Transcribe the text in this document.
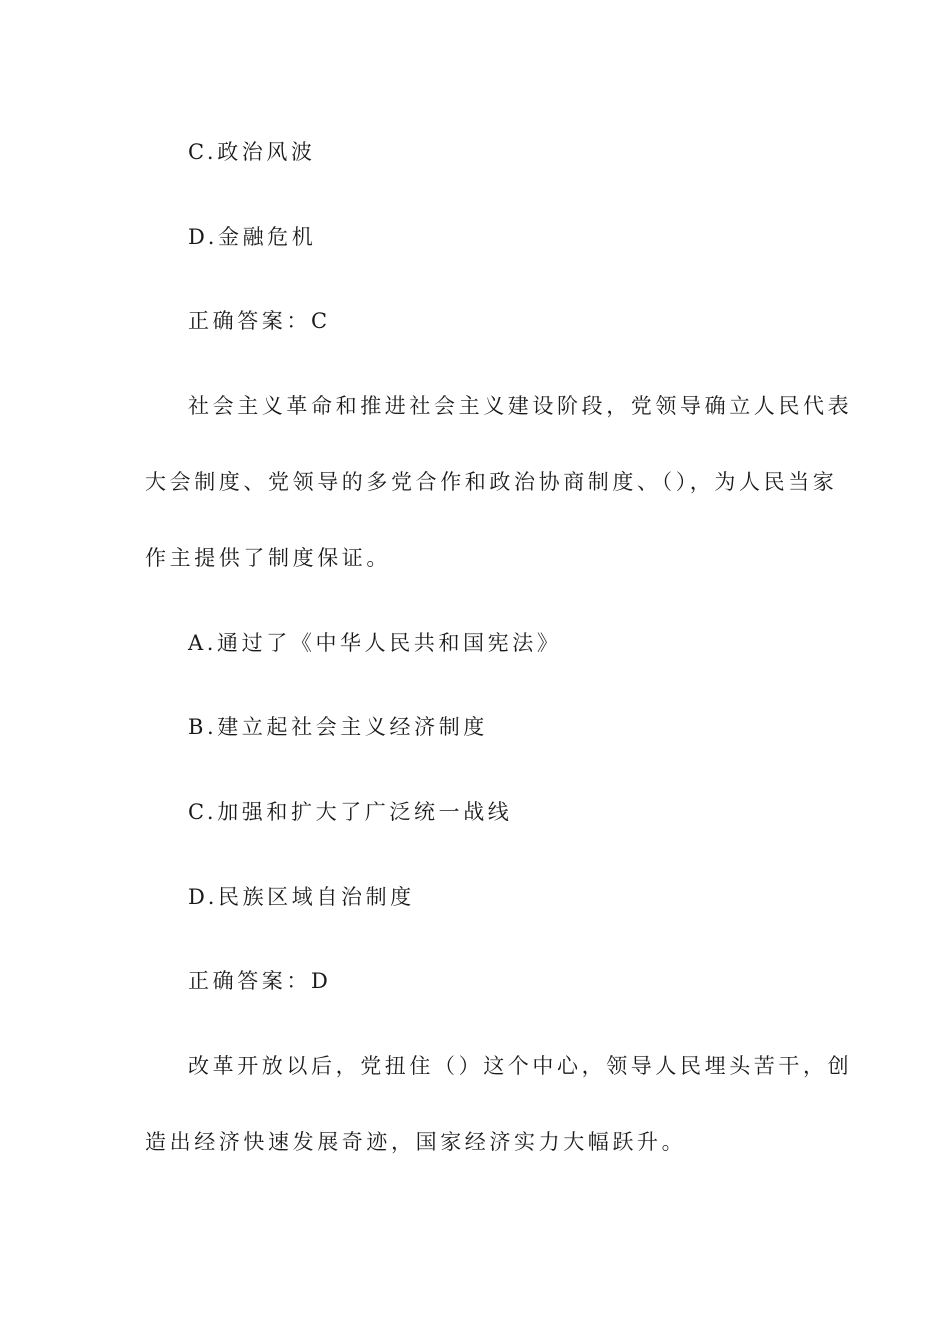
C.政治风波
D.金融危机
正确答案：C
社会主义革命和推进社会主义建设阶段，党领导确立人民代表
大会制度、党领导的多党合作和政治协商制度、（），为人民当家
作主提供了制度保证。
A.通过了《中华人民共和国宪法》
B.建立起社会主义经济制度
C.加强和扩大了广泛统一战线
D.民族区域自治制度
正确答案：D
改革开放以后，党扭住（）这个中心，领导人民埋头苦干，创
造出经济快速发展奇迹，国家经济实力大幅跃升。
